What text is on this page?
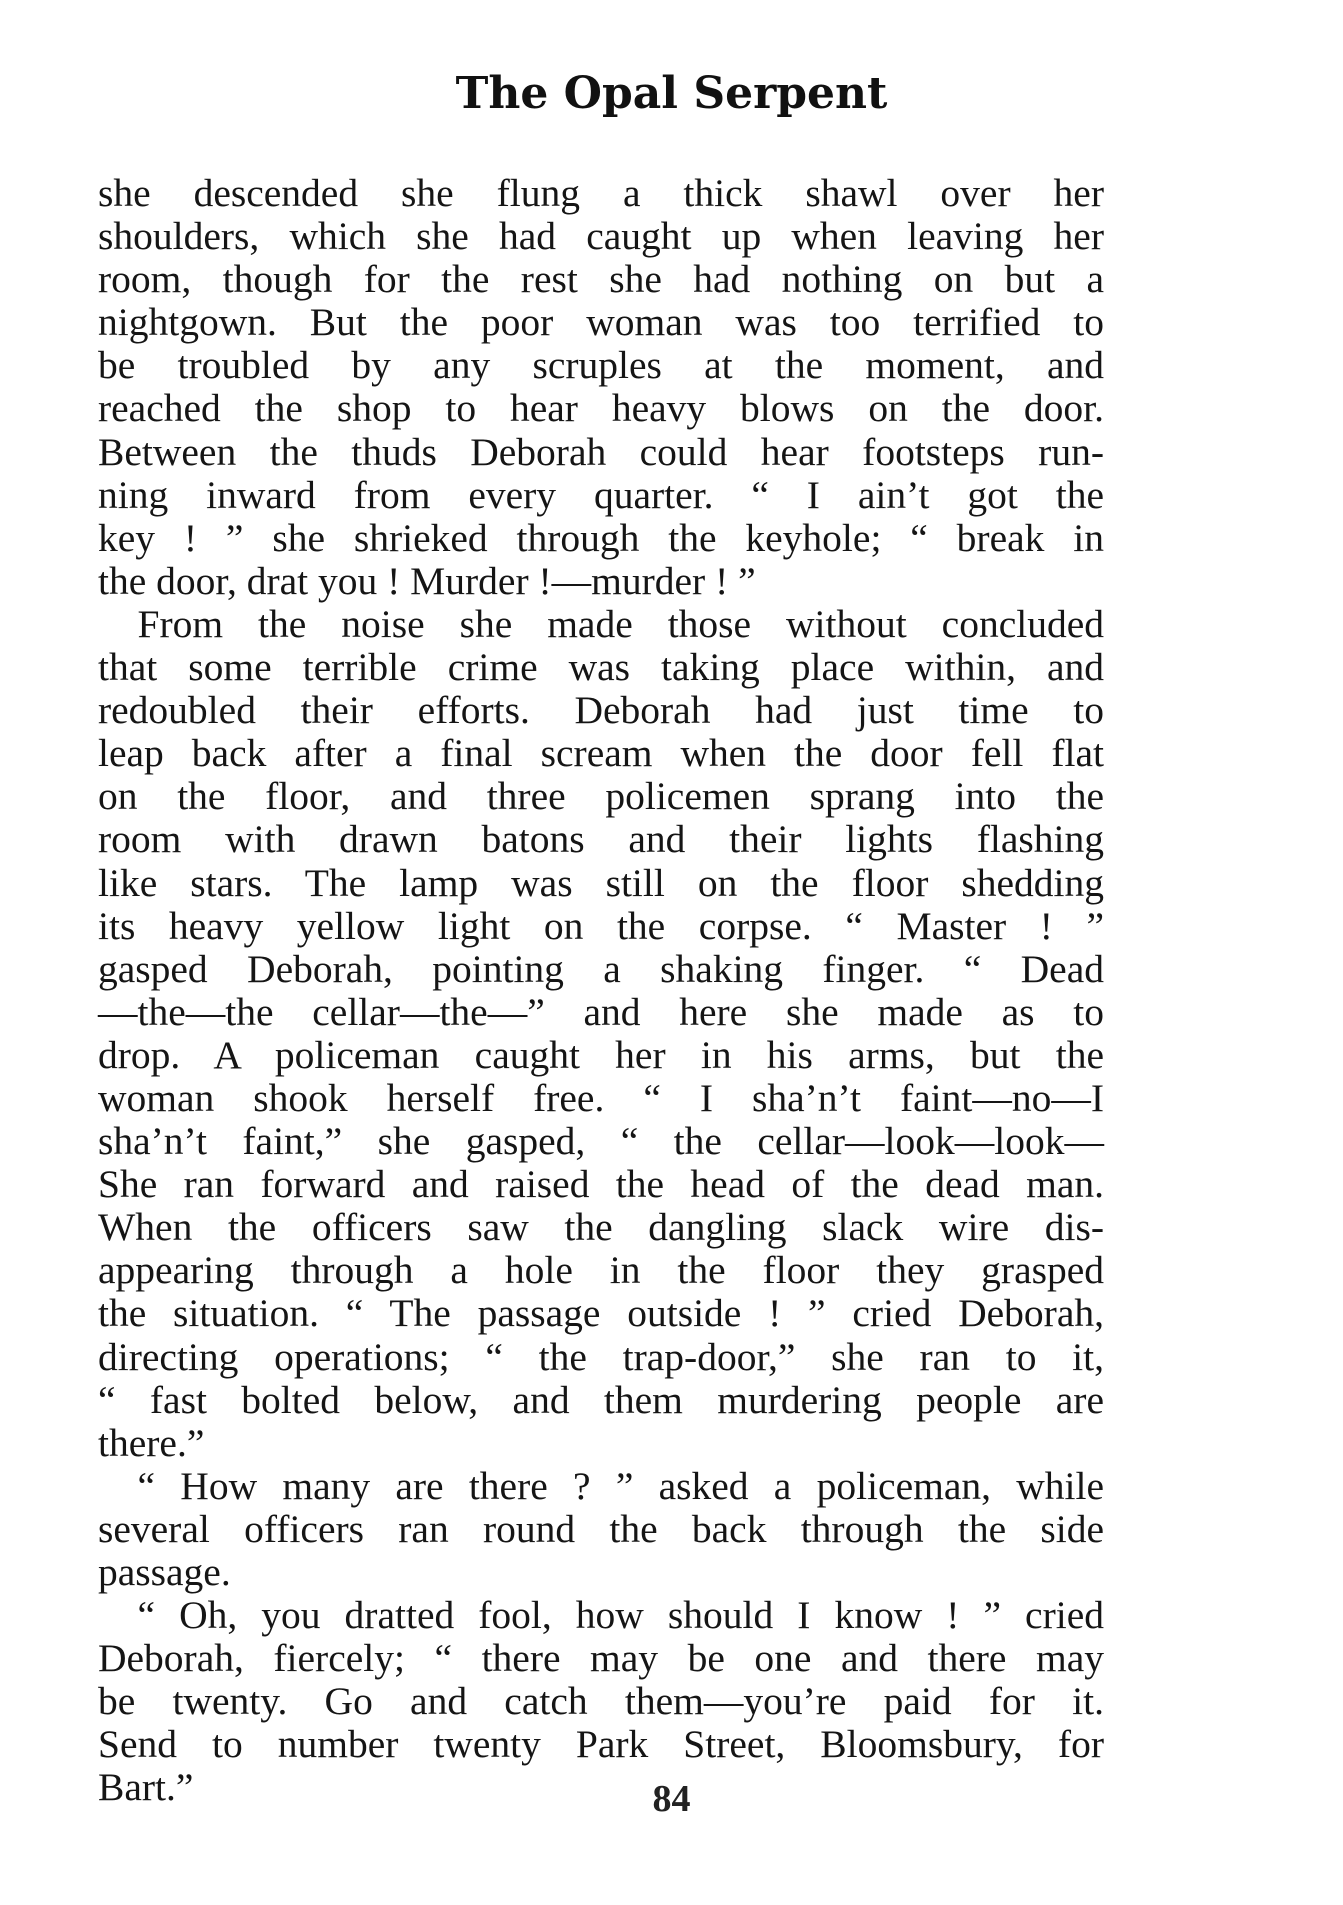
The Opal Serpent
she descended she flung a thick shawl over her
shoulders, which she had caught up when leaving her
room, though for the rest she had nothing on but a
nightgown. But the poor woman was too terrified to
be troubled by any scruples at the moment, and
reached the shop to hear heavy blows on the door.
Between the thuds Deborah could hear footsteps run-
ning inward from every quarter. “ I ain’t got the
key ! ” she shrieked through the keyhole; “ break in
the door, drat you ! Murder !—murder ! ”
 From the noise she made those without concluded
that some terrible crime was taking place within, and
redoubled their efforts. Deborah had just time to
leap back after a final scream when the door fell flat
on the floor, and three policemen sprang into the
room with drawn batons and their lights flashing
like stars. The lamp was still on the floor shedding
its heavy yellow light on the corpse. “ Master ! ”
gasped Deborah, pointing a shaking finger. “ Dead
—the—the cellar—the—” and here she made as to
drop. A policeman caught her in his arms, but the
woman shook herself free. “ I sha’n’t faint—no—I
sha’n’t faint,” she gasped, “ the cellar—look—look—
She ran forward and raised the head of the dead man.
When the officers saw the dangling slack wire dis-
appearing through a hole in the floor they grasped
the situation. “ The passage outside ! ” cried Deborah,
directing operations; “ the trap-door,” she ran to it,
“ fast bolted below, and them murdering people are
there.”
 “ How many are there ? ” asked a policeman, while
several officers ran round the back through the side
passage.
 “ Oh, you dratted fool, how should I know ! ” cried
Deborah, fiercely; “ there may be one and there may
be twenty. Go and catch them—you’re paid for it.
Send to number twenty Park Street, Bloomsbury, for
Bart.”	84
